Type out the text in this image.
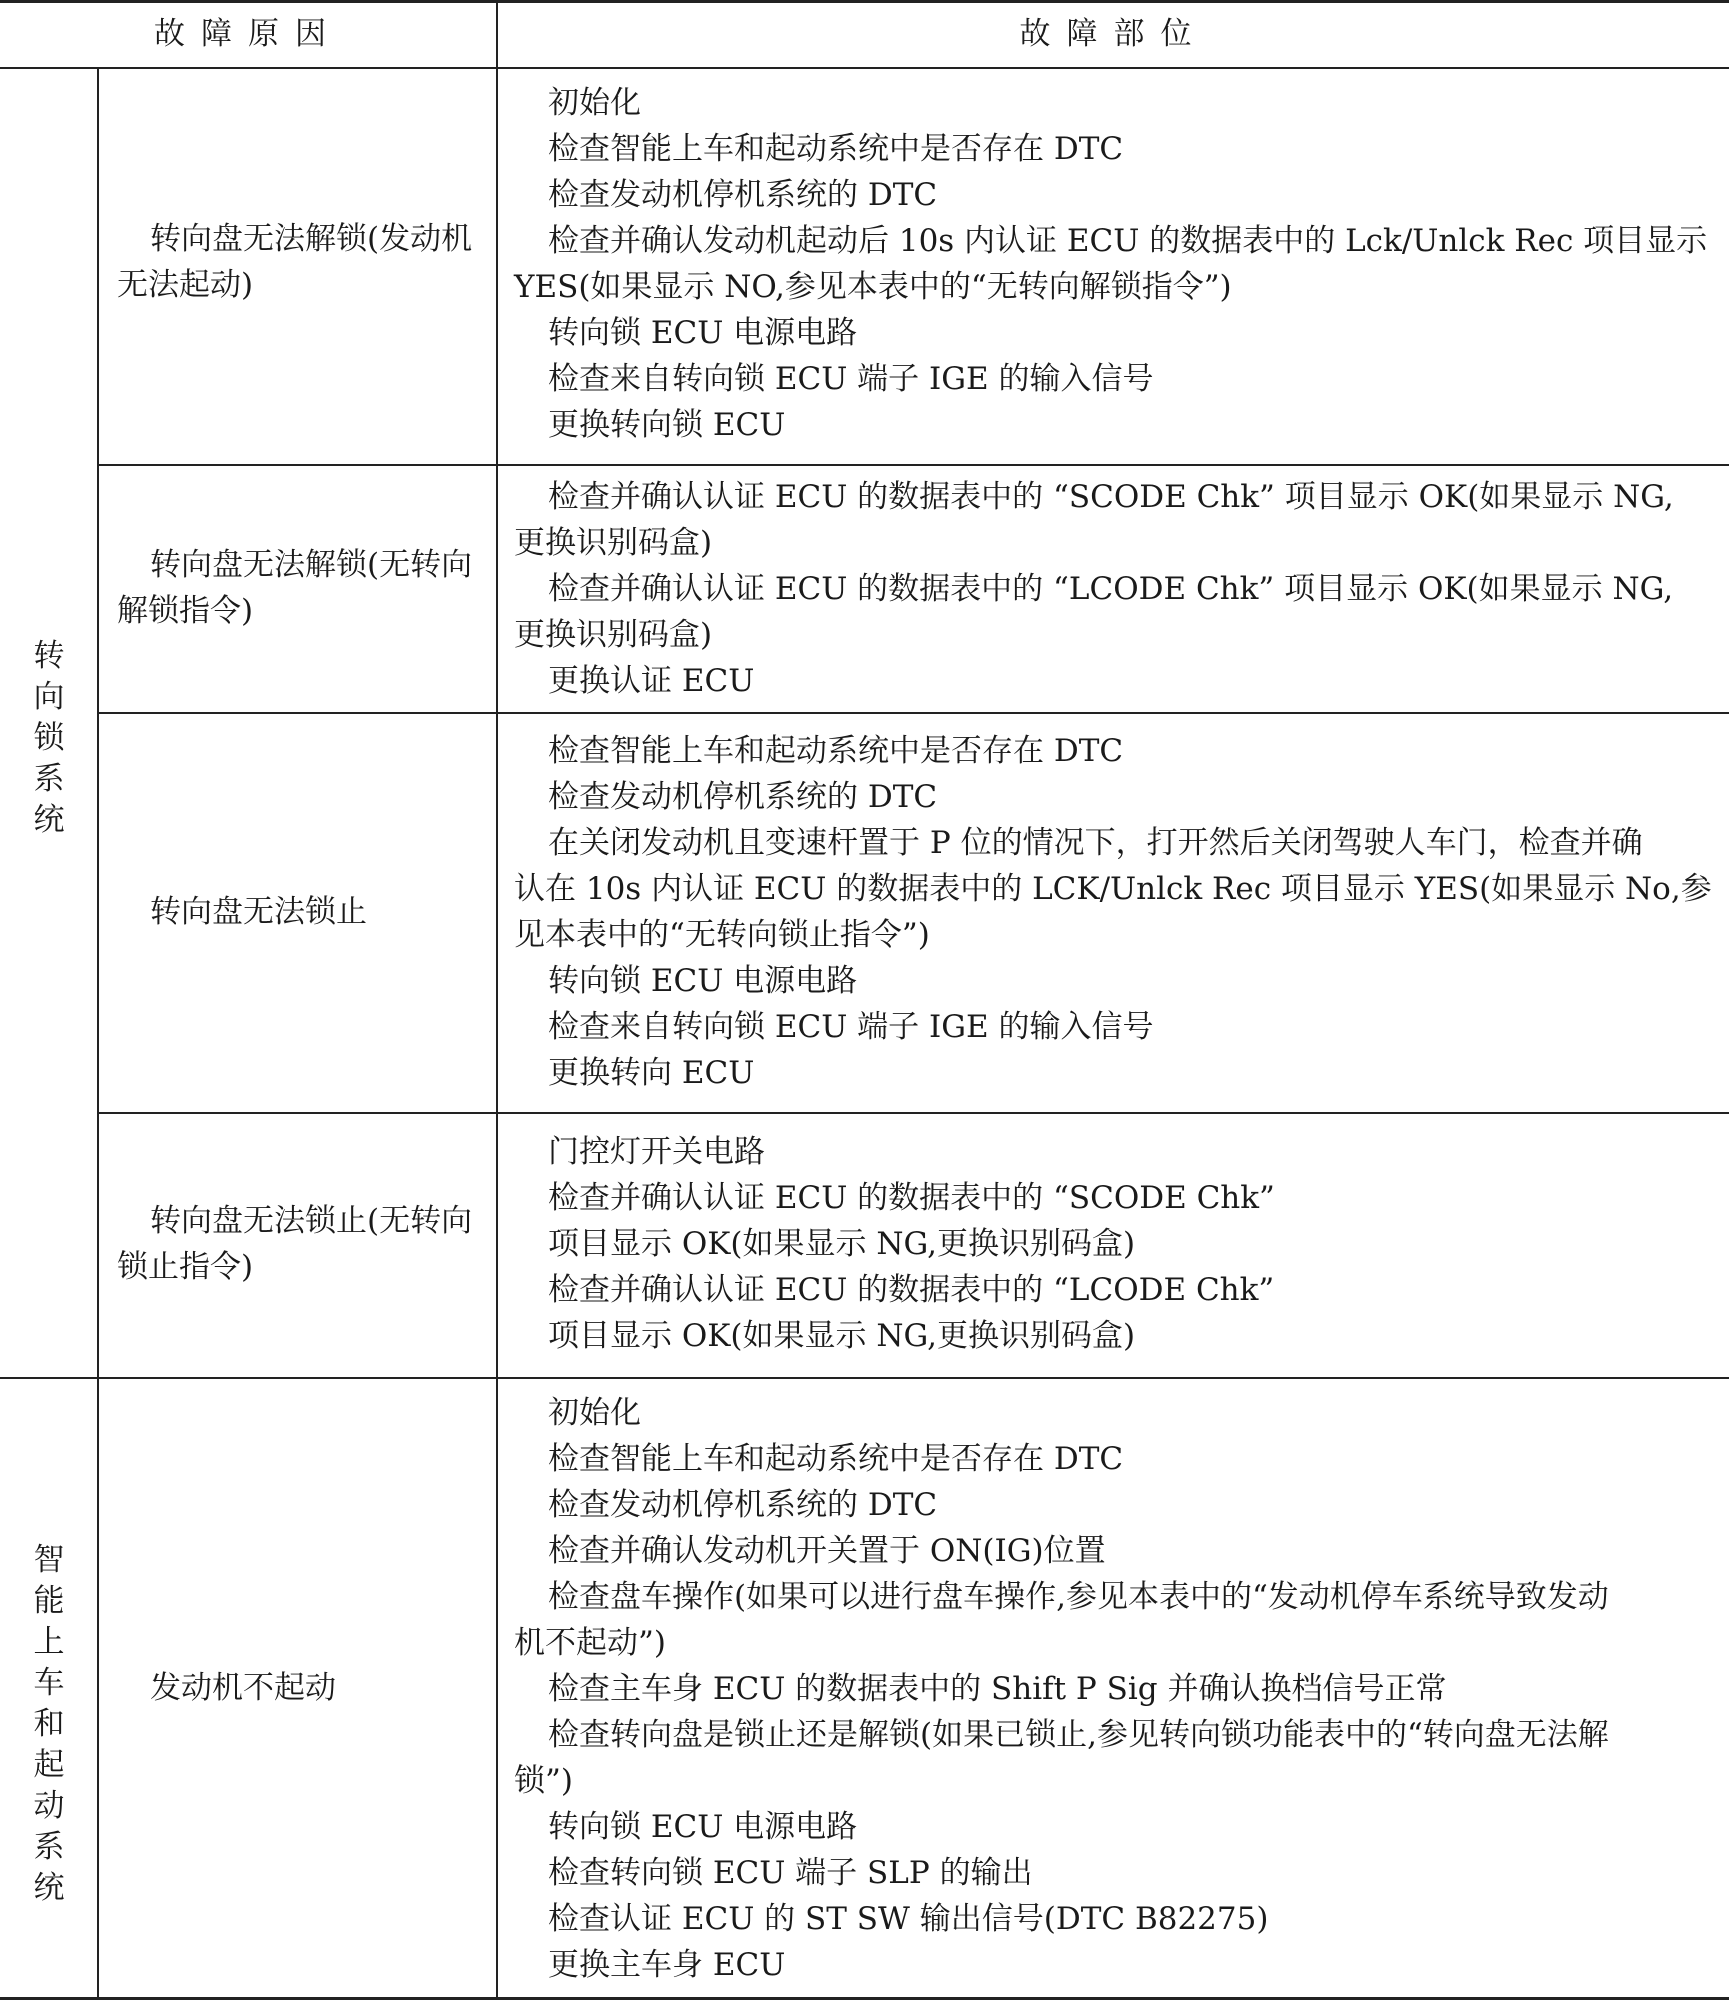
故障原因	故障部位
转向锁系统
转向盘无法解锁(发动机无法起动)
初始化
检查智能上车和起动系统中是否存在 DTC
检查发动机停机系统的 DTC
检查并确认发动机起动后 10s 内认证 ECU 的数据表中的 Lck/Unlck Rec 项目显示
YES(如果显示 NO,参见本表中的“无转向解锁指令”)
转向锁 ECU 电源电路
检查来自转向锁 ECU 端子 IGE 的输入信号
更换转向锁 ECU
转向盘无法解锁(无转向解锁指令)
检查并确认认证 ECU 的数据表中的 “SCODE Chk” 项目显示 OK(如果显示 NG,
更换识别码盒)
检查并确认认证 ECU 的数据表中的 “LCODE Chk” 项目显示 OK(如果显示 NG,
更换识别码盒)
更换认证 ECU
转向盘无法锁止
检查智能上车和起动系统中是否存在 DTC
检查发动机停机系统的 DTC
在关闭发动机且变速杆置于 P 位的情况下，打开然后关闭驾驶人车门，检查并确
认在 10s 内认证 ECU 的数据表中的 LCK/Unlck Rec 项目显示 YES(如果显示 No,参
见本表中的“无转向锁止指令”)
转向锁 ECU 电源电路
检查来自转向锁 ECU 端子 IGE 的输入信号
更换转向 ECU
转向盘无法锁止(无转向锁止指令)
门控灯开关电路
检查并确认认证 ECU 的数据表中的 “SCODE Chk”
项目显示 OK(如果显示 NG,更换识别码盒)
检查并确认认证 ECU 的数据表中的 “LCODE Chk”
项目显示 OK(如果显示 NG,更换识别码盒)
智能上车和起动系统
发动机不起动
初始化
检查智能上车和起动系统中是否存在 DTC
检查发动机停机系统的 DTC
检查并确认发动机开关置于 ON(IG)位置
检查盘车操作(如果可以进行盘车操作,参见本表中的“发动机停车系统导致发动
机不起动”)
检查主车身 ECU 的数据表中的 Shift P Sig 并确认换档信号正常
检查转向盘是锁止还是解锁(如果已锁止,参见转向锁功能表中的“转向盘无法解
锁”)
转向锁 ECU 电源电路
检查转向锁 ECU 端子 SLP 的输出
检查认证 ECU 的 ST SW 输出信号(DTC B82275)
更换主车身 ECU
